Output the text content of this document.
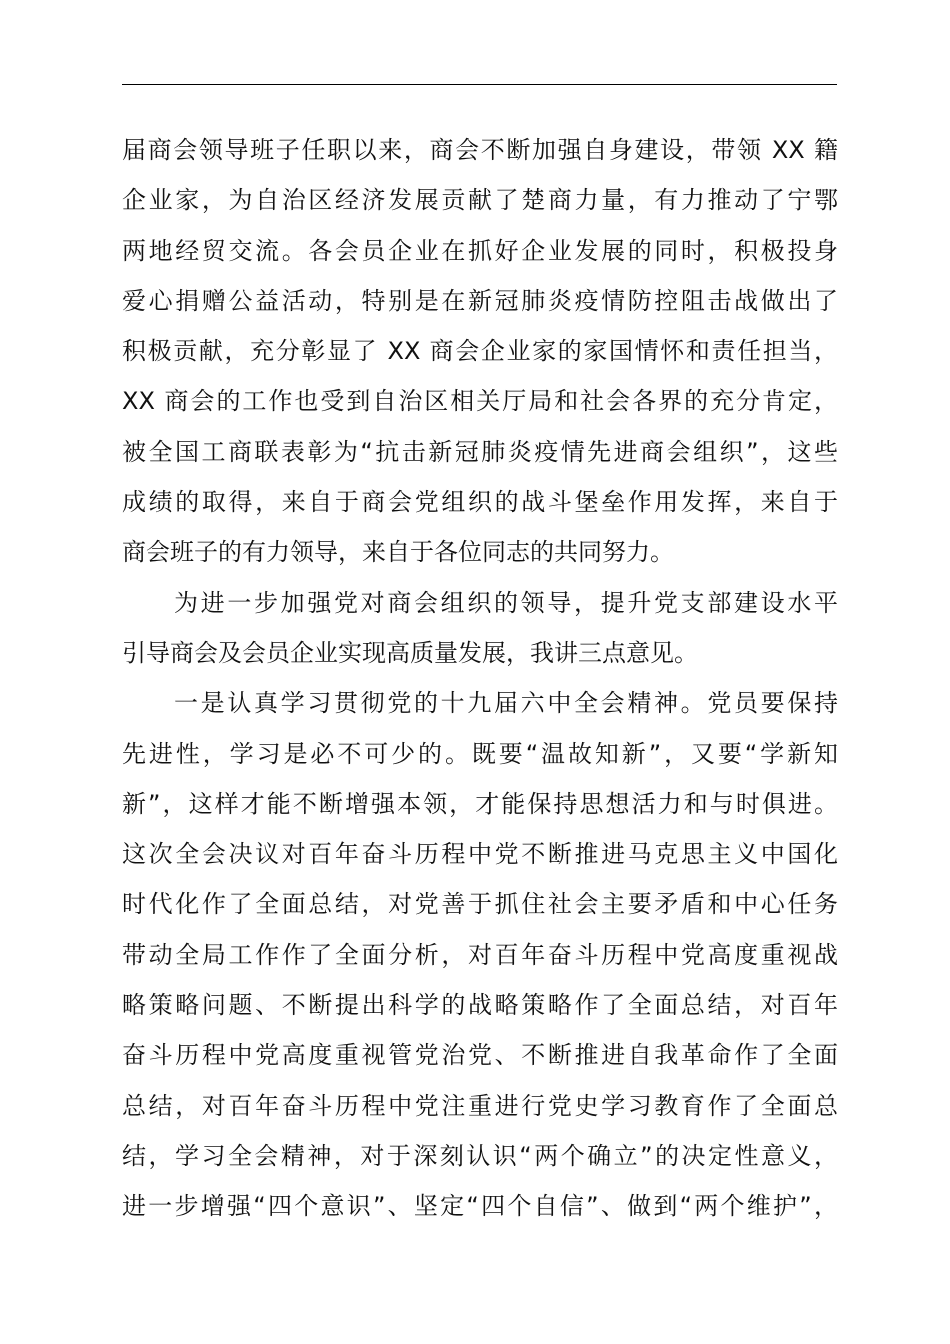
届商会领导班子任职以来，商会不断加强自身建设，带领 XX 籍
企业家，为自治区经济发展贡献了楚商力量，有力推动了宁鄂
两地经贸交流。各会员企业在抓好企业发展的同时，积极投身
爱心捐赠公益活动，特别是在新冠肺炎疫情防控阻击战做出了
积极贡献，充分彰显了 XX 商会企业家的家国情怀和责任担当，
XX 商会的工作也受到自治区相关厅局和社会各界的充分肯定，
被全国工商联表彰为“抗击新冠肺炎疫情先进商会组织”，这些
成绩的取得，来自于商会党组织的战斗堡垒作用发挥，来自于
商会班子的有力领导，来自于各位同志的共同努力。
为进一步加强党对商会组织的领导，提升党支部建设水平
引导商会及会员企业实现高质量发展，我讲三点意见。
一是认真学习贯彻党的十九届六中全会精神。党员要保持
先进性，学习是必不可少的。既要“温故知新”，又要“学新知
新”，这样才能不断增强本领，才能保持思想活力和与时俱进。
这次全会决议对百年奋斗历程中党不断推进马克思主义中国化
时代化作了全面总结，对党善于抓住社会主要矛盾和中心任务
带动全局工作作了全面分析，对百年奋斗历程中党高度重视战
略策略问题、不断提出科学的战略策略作了全面总结，对百年
奋斗历程中党高度重视管党治党、不断推进自我革命作了全面
总结，对百年奋斗历程中党注重进行党史学习教育作了全面总
结，学习全会精神，对于深刻认识“两个确立”的决定性意义，
进一步增强“四个意识”、坚定“四个自信”、做到“两个维护”，
